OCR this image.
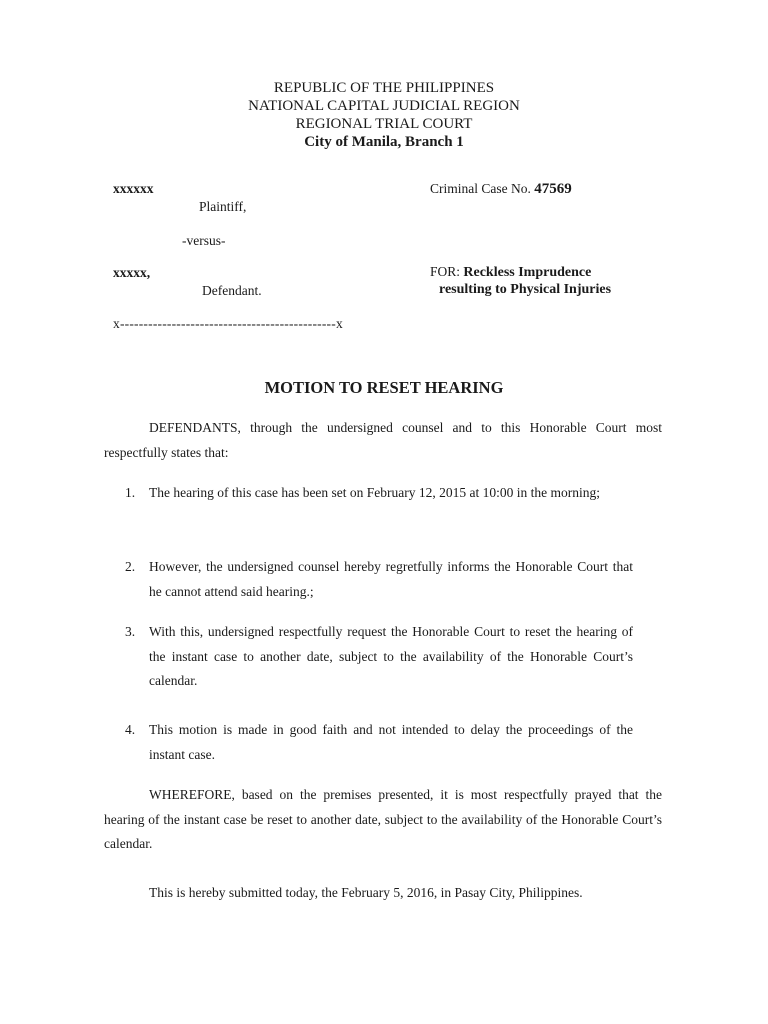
REPUBLIC OF THE PHILIPPINES
NATIONAL CAPITAL JUDICIAL REGION
REGIONAL TRIAL COURT
City of Manila, Branch 1
xxxxxx
Plaintiff,
-versus-
xxxxx,
Defendant.
x----------------------------------------------x
Criminal Case No. 47569
FOR: Reckless Imprudence
resulting to Physical Injuries
MOTION TO RESET HEARING
DEFENDANTS, through the undersigned counsel and to this Honorable Court most respectfully states that:
1. The hearing of this case has been set on February 12, 2015 at 10:00 in the morning;
2. However, the undersigned counsel hereby regretfully informs the Honorable Court that he cannot attend said hearing.;
3. With this, undersigned respectfully request the Honorable Court to reset the hearing of the instant case to another date, subject to the availability of the Honorable Court’s calendar.
4. This motion is made in good faith and not intended to delay the proceedings of the instant case.
WHEREFORE, based on the premises presented, it is most respectfully prayed that the hearing of the instant case be reset to another date, subject to the availability of the Honorable Court’s calendar.
This is hereby submitted today, the February 5, 2016, in Pasay City, Philippines.
